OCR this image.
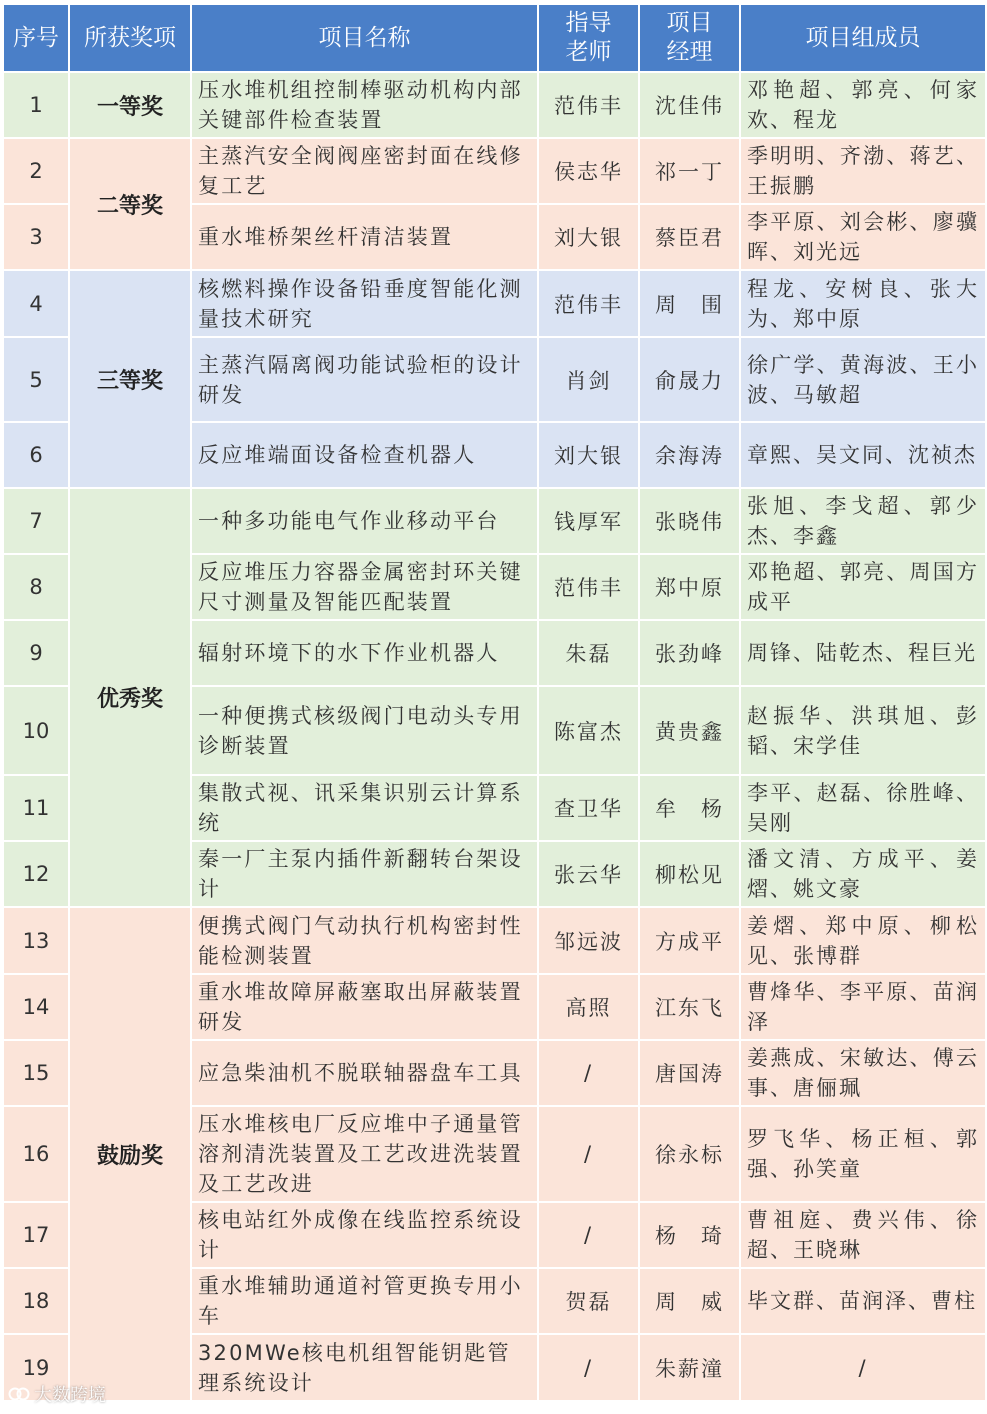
序号	所获奖项	项目名称	指导老师	项目经理	项目组成员
1	一等奖	压水堆机组控制棒驱动机构内部关键部件检查装置	范伟丰	沈佳伟	邓艳超、郭亮、何家欢、程龙
2	二等奖	主蒸汽安全阀阀座密封面在线修复工艺	侯志华	祁一丁	季明明、齐渤、蒋艺、王振鹏
3		重水堆桥架丝杆清洁装置	刘大银	蔡臣君	李平原、刘会彬、廖骥晖、刘光远
4	三等奖	核燃料操作设备铅垂度智能化测量技术研究	范伟丰	周　围	程龙、安树良、张大为、郑中原
5		主蒸汽隔离阀功能试验柜的设计研发	肖剑	俞晟力	徐广学、黄海波、王小波、马敏超
6		反应堆端面设备检查机器人	刘大银	余海涛	章熙、吴文同、沈祯杰
7	优秀奖	一种多功能电气作业移动平台	钱厚军	张晓伟	张旭、李戈超、郭少杰、李鑫
8		反应堆压力容器金属密封环关键尺寸测量及智能匹配装置	范伟丰	郑中原	邓艳超、郭亮、周国方成平
9		辐射环境下的水下作业机器人	朱磊	张劲峰	周锋、陆乾杰、程巨光
10		一种便携式核级阀门电动头专用诊断装置	陈富杰	黄贵鑫	赵振华、洪琪旭、彭韬、宋学佳
11		集散式视、讯采集识别云计算系统	查卫华	牟　杨	李平、赵磊、徐胜峰、吴刚
12		秦一厂主泵内插件新翻转台架设计	张云华	柳松见	潘文清、方成平、姜熠、姚文豪
13	鼓励奖	便携式阀门气动执行机构密封性能检测装置	邹远波	方成平	姜熠、郑中原、柳松见、张博群
14		重水堆故障屏蔽塞取出屏蔽装置研发	高照	江东飞	曹烽华、李平原、苗润泽
15		应急柴油机不脱联轴器盘车工具	/	唐国涛	姜燕成、宋敏达、傅云事、唐俪珮
16		压水堆核电厂反应堆中子通量管溶剂清洗装置及工艺改进洗装置及工艺改进	/	徐永标	罗飞华、杨正桓、郭强、孙笑童
17		核电站红外成像在线监控系统设计	/	杨　琦	曹祖庭、费兴伟、徐超、王晓琳
18		重水堆辅助通道衬管更换专用小车	贺磊	周　威	毕文群、苗润泽、曹柱
19		320MWe核电机组智能钥匙管理系统设计	/	朱薪潼	/
大数跨境
